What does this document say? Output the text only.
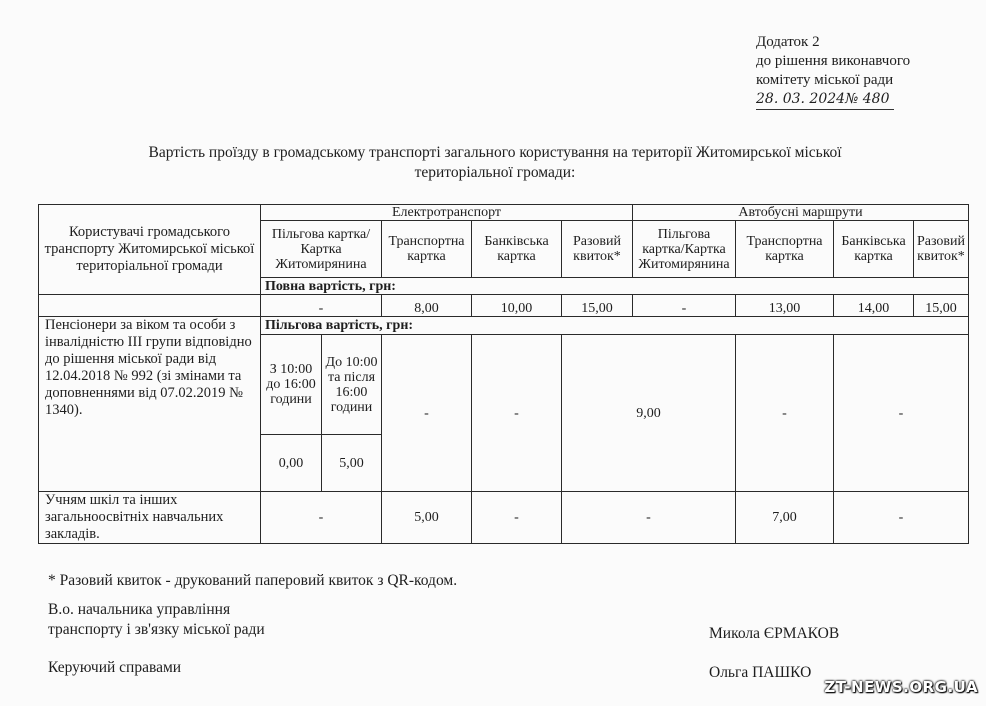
Додаток 2
до рішення виконавчого
комітету міської ради
28. 03. 2024№ 480
Вартість проїзду в громадському транспорті загального користування на території Житомирської міської
територіальної громади:
Користувачі громадського транспорту Житомирської міської територіальної громади	Електротранспорт					Автобусні маршрути			
	Пільгова картка/Картка Житомирянина		Транспортна картка	Банківська картка	Разовий квиток*	Пільгова картка/Картка Житомирянина	Транспортна картка	Банківська картка	Разовий квиток*
	Повна вартість, грн:								
	-		8,00	10,00	15,00	-	13,00	14,00	15,00
Пенсіонери за віком та особи з інвалідністю ІІІ групи відповідно до рішення міської ради від 12.04.2018 № 992 (зі змінами та доповненнями від 07.02.2019 № 1340).	Пільгова вартість, грн:								
	З 10:00 до 16:00 години	До 10:00 та після 16:00 години	-	-	9,00		-	-	
	0,00	5,00							
Учням шкіл та інших загальноосвітніх навчальних закладів.	-		5,00	-	-		7,00	-	
* Разовий квиток - друкований паперовий квиток з QR-кодом.
В.о. начальника управління
транспорту і зв'язку міської ради	Микола ЄРМАКОВ
Керуючий справами	Ольга ПАШКО
ZT-NEWS.ORG.UA
